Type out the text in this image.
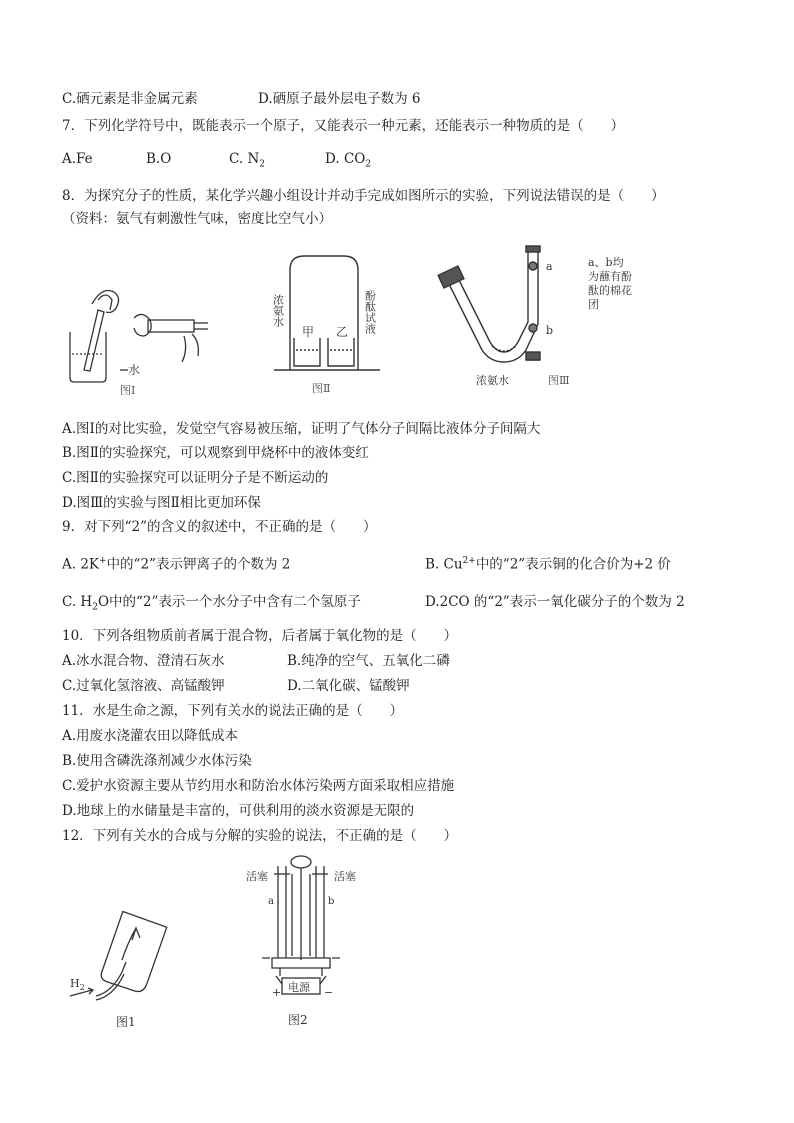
C.硒元素是非金属元素	D.硒原子最外层电子数为 6
7．下列化学符号中，既能表示一个原子，又能表示一种元素，还能表示一种物质的是（　　）
A.Fe	B.O	C. $N_2$	D. $CO_2$
8．为探究分子的性质，某化学兴趣小组设计并动手完成如图所示的实验，下列说法错误的是（　　）
（资料：氨气有刺激性气味，密度比空气小）
水
图Ⅰ
浓氨水
甲 乙 酚酞试液
图Ⅱ
a
b
a、b均为蘸有酚酞的棉花团
浓氨水	图Ⅲ
A.图Ⅰ的对比实验，发觉空气容易被压缩，证明了气体分子间隔比液体分子间隔大
B.图Ⅱ的实验探究，可以观察到甲烧杯中的液体变红
C.图Ⅱ的实验探究可以证明分子是不断运动的
D.图Ⅲ的实验与图Ⅱ相比更加环保
9．对下列“2”的含义的叙述中，不正确的是（　　）
A. 2K+中的“2”表示钾离子的个数为 2	B. $Cu^{2+}$中的“2”表示铜的化合价为+2 价
C. $H_2O$中的“2”表示一个水分子中含有二个氢原子	D.2CO 的“2”表示一氧化碳分子的个数为 2
10．下列各组物质前者属于混合物，后者属于氧化物的是（　　）
A.冰水混合物、澄清石灰水	B.纯净的空气、五氧化二磷
C.过氧化氢溶液、高锰酸钾	D.二氧化碳、锰酸钾
11．水是生命之源，下列有关水的说法正确的是（　　）
A.用废水浇灌农田以降低成本
B.使用含磷洗涤剂减少水体污染
C.爱护水资源主要从节约用水和防治水体污染两方面采取相应措施
D.地球上的水储量是丰富的，可供利用的淡水资源是无限的
12．下列有关水的合成与分解的实验的说法，不正确的是（　　）
$H_2$
图1
活塞	活塞
a	b
电源
+	−
图2
